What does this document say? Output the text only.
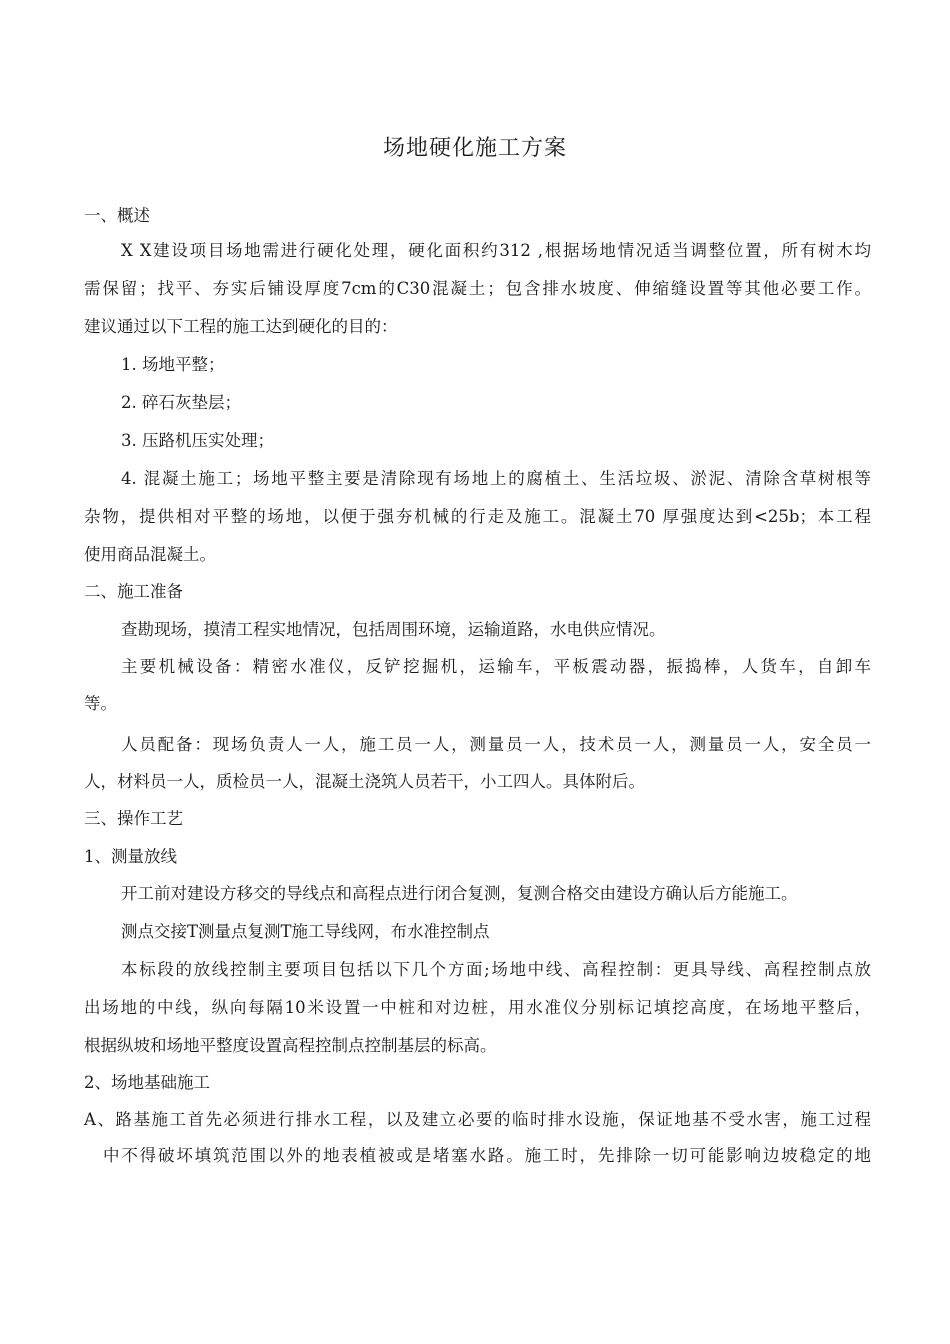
场地硬化施工方案
一、概述
X X建设项目场地需进行硬化处理，硬化面积约312 ,根据场地情况适当调整位置，所有树木均
需保留；找平、夯实后铺设厚度7cm的C30混凝土；包含排水坡度、伸缩缝设置等其他必要工作。
建议通过以下工程的施工达到硬化的目的：
1. 场地平整；
2. 碎石灰垫层；
3. 压路机压实处理；
4. 混凝土施工；场地平整主要是清除现有场地上的腐植土、生活垃圾、淤泥、清除含草树根等
杂物，提供相对平整的场地，以便于强夯机械的行走及施工。混凝土70 厚强度达到<25b；本工程
使用商品混凝土。
二、施工准备
查勘现场，摸清工程实地情况，包括周围环境，运输道路，水电供应情况。
主要机械设备：精密水准仪，反铲挖掘机，运输车，平板震动器，振捣棒，人货车，自卸车
等。
人员配备：现场负责人一人，施工员一人，测量员一人，技术员一人，测量员一人，安全员一
人，材料员一人，质检员一人，混凝土浇筑人员若干，小工四人。具体附后。
三、操作工艺
1、测量放线
开工前对建设方移交的导线点和高程点进行闭合复测，复测合格交由建设方确认后方能施工。
测点交接T测量点复测T施工导线网，布水准控制点
本标段的放线控制主要项目包括以下几个方面;场地中线、高程控制：更具导线、高程控制点放
出场地的中线，纵向每隔10米设置一中桩和对边桩，用水准仪分别标记填挖高度，在场地平整后，
根据纵坡和场地平整度设置高程控制点控制基层的标高。
2、场地基础施工
A、路基施工首先必须进行排水工程，以及建立必要的临时排水设施，保证地基不受水害，施工过程
中不得破坏填筑范围以外的地表植被或是堵塞水路。施工时，先排除一切可能影响边坡稳定的地
